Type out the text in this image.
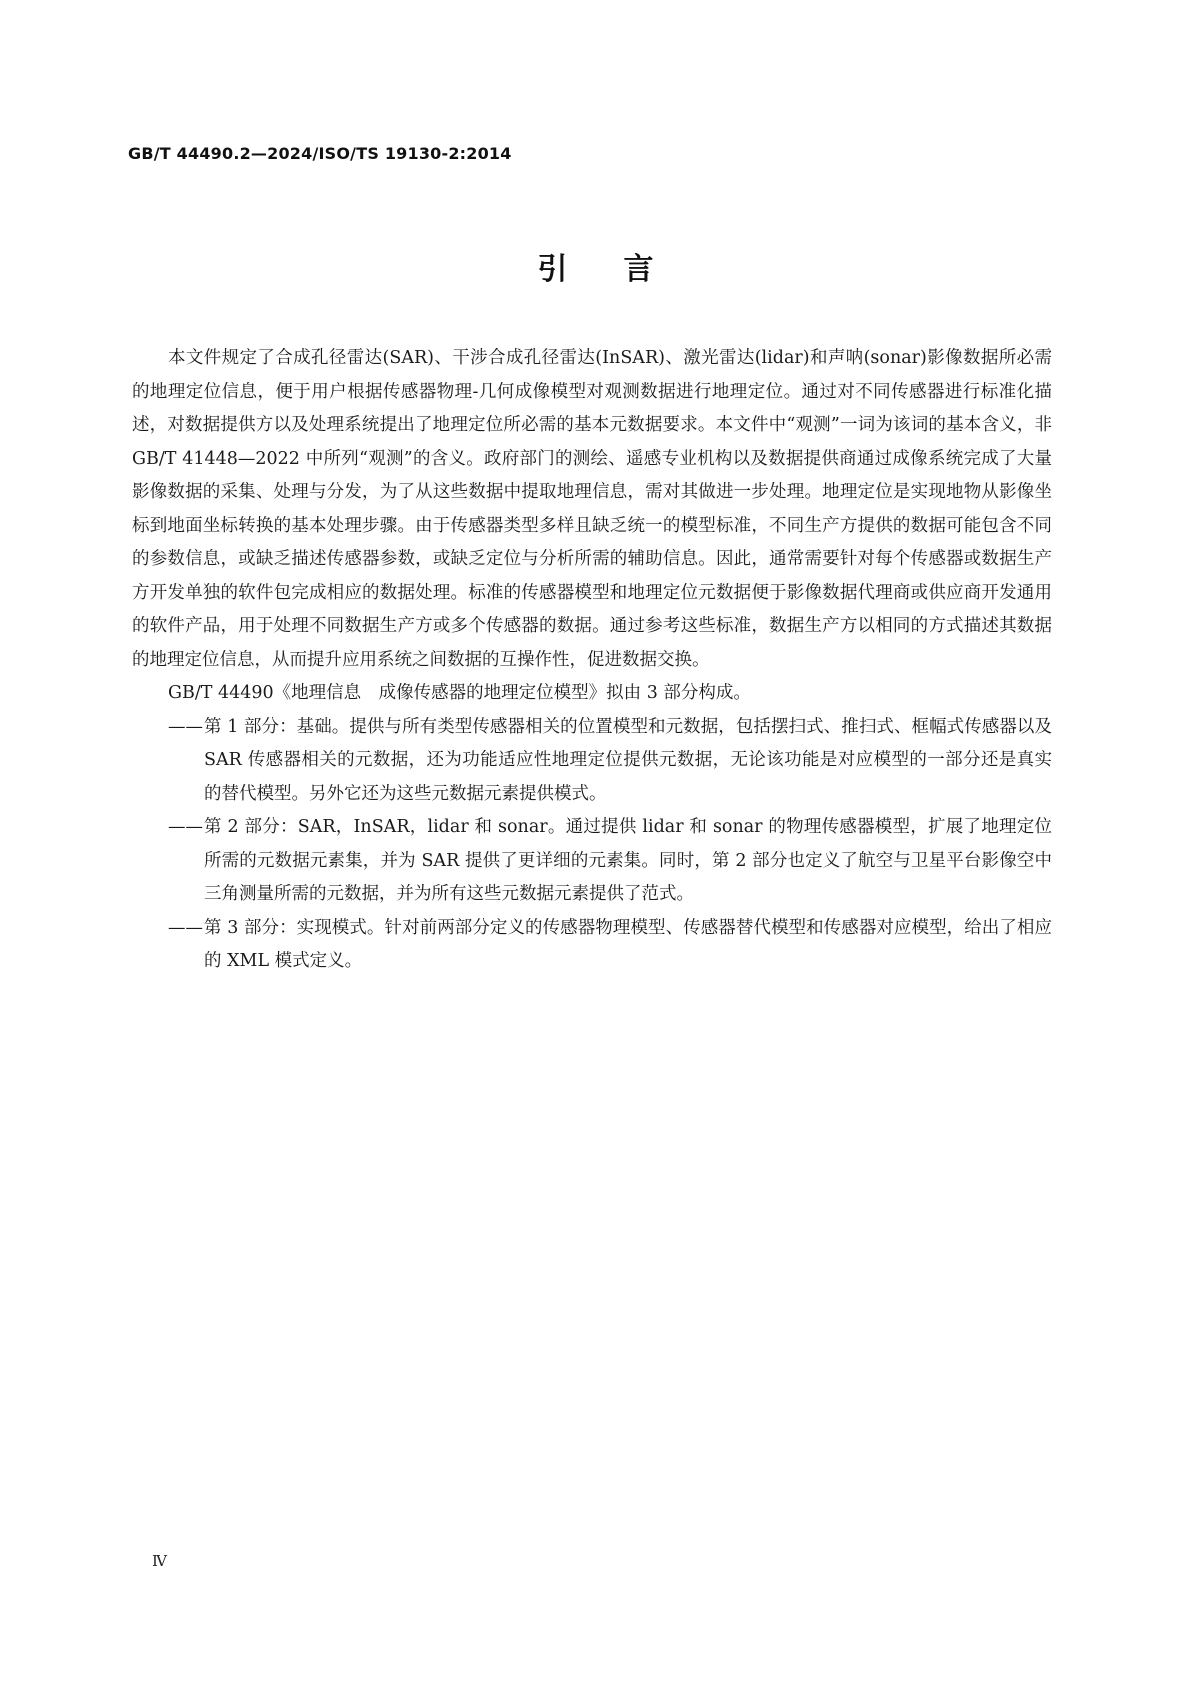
GB/T 44490.2—2024/ISO/TS 19130-2:2014
引言

本文件规定了合成孔径雷达(SAR)、干涉合成孔径雷达(InSAR)、激光雷达(lidar)和声呐(sonar)影像数据所必需的地理定位信息，便于用户根据传感器物理-几何成像模型对观测数据进行地理定位。通过对不同传感器进行标准化描述，对数据提供方以及处理系统提出了地理定位所必需的基本元数据要求。本文件中“观测”一词为该词的基本含义，非 GB/T 41448—2022 中所列“观测”的含义。政府部门的测绘、遥感专业机构以及数据提供商通过成像系统完成了大量影像数据的采集、处理与分发，为了从这些数据中提取地理信息，需对其做进一步处理。地理定位是实现地物从影像坐标到地面坐标转换的基本处理步骤。由于传感器类型多样且缺乏统一的模型标准，不同生产方提供的数据可能包含不同的参数信息，或缺乏描述传感器参数，或缺乏定位与分析所需的辅助信息。因此，通常需要针对每个传感器或数据生产方开发单独的软件包完成相应的数据处理。标准的传感器模型和地理定位元数据便于影像数据代理商或供应商开发通用的软件产品，用于处理不同数据生产方或多个传感器的数据。通过参考这些标准，数据生产方以相同的方式描述其数据的地理定位信息，从而提升应用系统之间数据的互操作性，促进数据交换。

GB/T 44490《地理信息　成像传感器的地理定位模型》拟由 3 部分构成。

—— 第 1 部分：基础。提供与所有类型传感器相关的位置模型和元数据，包括摆扫式、推扫式、框幅式传感器以及 SAR 传感器相关的元数据，还为功能适应性地理定位提供元数据，无论该功能是对应模型的一部分还是真实的替代模型。另外它还为这些元数据元素提供模式。
—— 第 2 部分：SAR，InSAR，lidar 和 sonar。通过提供 lidar 和 sonar 的物理传感器模型，扩展了地理定位所需的元数据元素集，并为 SAR 提供了更详细的元素集。同时，第 2 部分也定义了航空与卫星平台影像空中三角测量所需的元数据，并为所有这些元数据元素提供了范式。
—— 第 3 部分：实现模式。针对前两部分定义的传感器物理模型、传感器替代模型和传感器对应模型，给出了相应的 XML 模式定义。
Ⅳ
